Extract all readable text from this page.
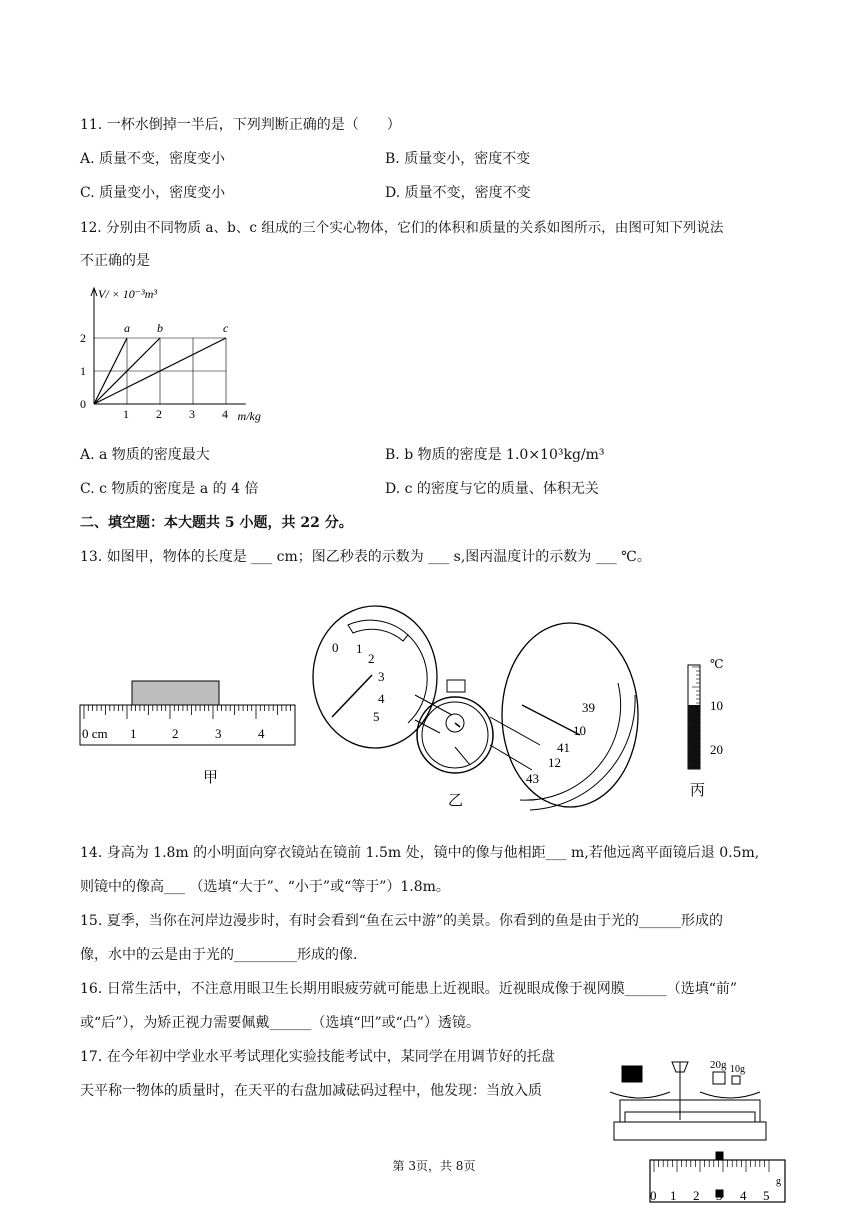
11. 一杯水倒掉一半后，下列判断正确的是（　　）
A. 质量不变，密度变小	B. 质量变小，密度不变
C. 质量变小，密度变小	D. 质量不变，密度不变
12. 分别由不同物质 a、b、c 组成的三个实心物体，它们的体积和质量的关系如图所示，由图可知下列说法
不正确的是
V/ × 10⁻³m³
m/kg
1 2 3 4
0
1
2
a b	c
A. a 物质的密度最大	B. b 物质的密度是 1.0×10³kg/m³
C. c 物质的密度是 a 的 4 倍	D. c 的密度与它的质量、体积无关
二、填空题：本大题共 5 小题，共 22 分。
13. 如图甲，物体的长度是 ___ cm；图乙秒表的示数为 ___ s,图丙温度计的示数为 ___ ℃。
0 cm 1	2	3	4
甲
0 1
2
3
4
5
39
10
41
12
43
乙
℃
10
20
丙
14. 身高为 1.8m 的小明面向穿衣镜站在镜前 1.5m 处，镜中的像与他相距___ m,若他远离平面镜后退 0.5m,
则镜中的像高___ （选填“大于”、“小于”或“等于”）1.8m。
15. 夏季，当你在河岸边漫步时，有时会看到“鱼在云中游”的美景。你看到的鱼是由于光的______形成的
像，水中的云是由于光的_________形成的像.
16. 日常生活中，不注意用眼卫生长期用眼疲劳就可能患上近视眼。近视眼成像于视网膜______（选填“前”
或“后”），为矫正视力需要佩戴______（选填“凹”或“凸”）透镜。
17. 在今年初中学业水平考试理化实验技能考试中，某同学在用调节好的托盘
天平称一物体的质量时，在天平的右盘加减砝码过程中，他发现：当放入质
20g 10g
0 1 2 3 4 5
g
第 3页，共 8页
